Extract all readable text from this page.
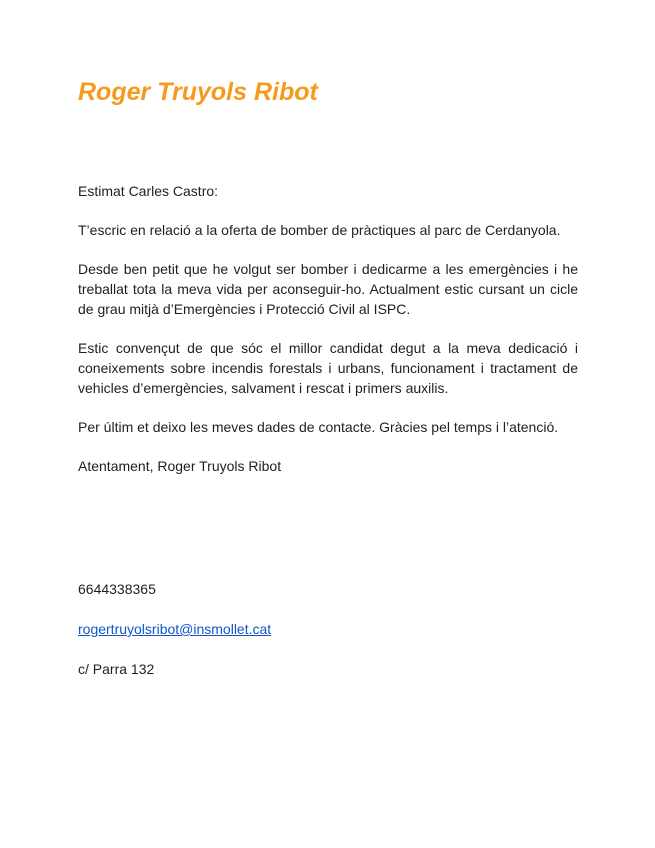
Roger Truyols Ribot

Estimat Carles Castro:

T’escric en relació a la oferta de bomber de pràctiques al parc de Cerdanyola.

Desde ben petit que he volgut ser bomber i dedicarme a les emergències i he treballat tota la meva vida per aconseguir-ho. Actualment estic cursant un cicle de grau mitjà d’Emergències i Protecció Civil al ISPC.

Estic convençut de que sóc el millor candidat degut a la meva dedicació i coneixements sobre incendis forestals i urbans, funcionament i tractament de vehicles d’emergències, salvament i rescat i primers auxilis.

Per últim et deixo les meves dades de contacte. Gràcies pel temps i l’atenció.

Atentament, Roger Truyols Ribot

6644338365

rogertruyolsribot@insmollet.cat

c/ Parra 132
